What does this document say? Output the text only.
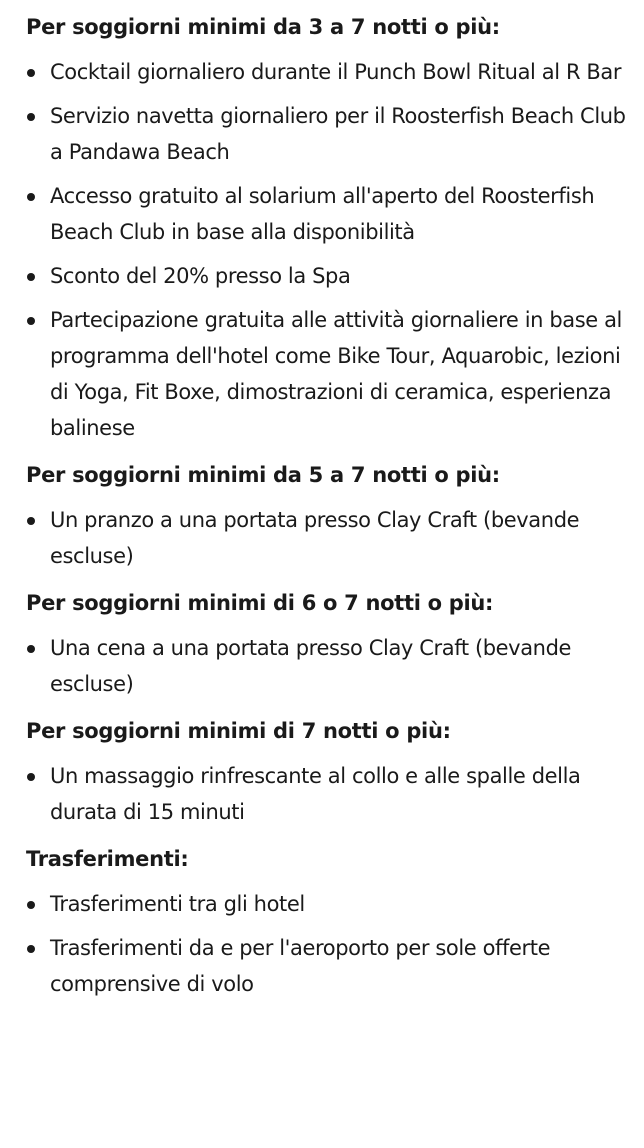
Per soggiorni minimi da 3 a 7 notti o più:

Cocktail giornaliero durante il Punch Bowl Ritual al R Bar
Servizio navetta giornaliero per il Roosterfish Beach Club a Pandawa Beach
Accesso gratuito al solarium all'aperto del Roosterfish Beach Club in base alla disponibilità
Sconto del 20% presso la Spa
Partecipazione gratuita alle attività giornaliere in base al programma dell'hotel come Bike Tour, Aquarobic, lezioni di Yoga, Fit Boxe, dimostrazioni di ceramica, esperienza balinese

Per soggiorni minimi da 5 a 7 notti o più:

Un pranzo a una portata presso Clay Craft (bevande escluse)

Per soggiorni minimi di 6 o 7 notti o più:

Una cena a una portata presso Clay Craft (bevande escluse)

Per soggiorni minimi di 7 notti o più:

Un massaggio rinfrescante al collo e alle spalle della durata di 15 minuti

Trasferimenti:

Trasferimenti tra gli hotel
Trasferimenti da e per l'aeroporto per sole offerte comprensive di volo
